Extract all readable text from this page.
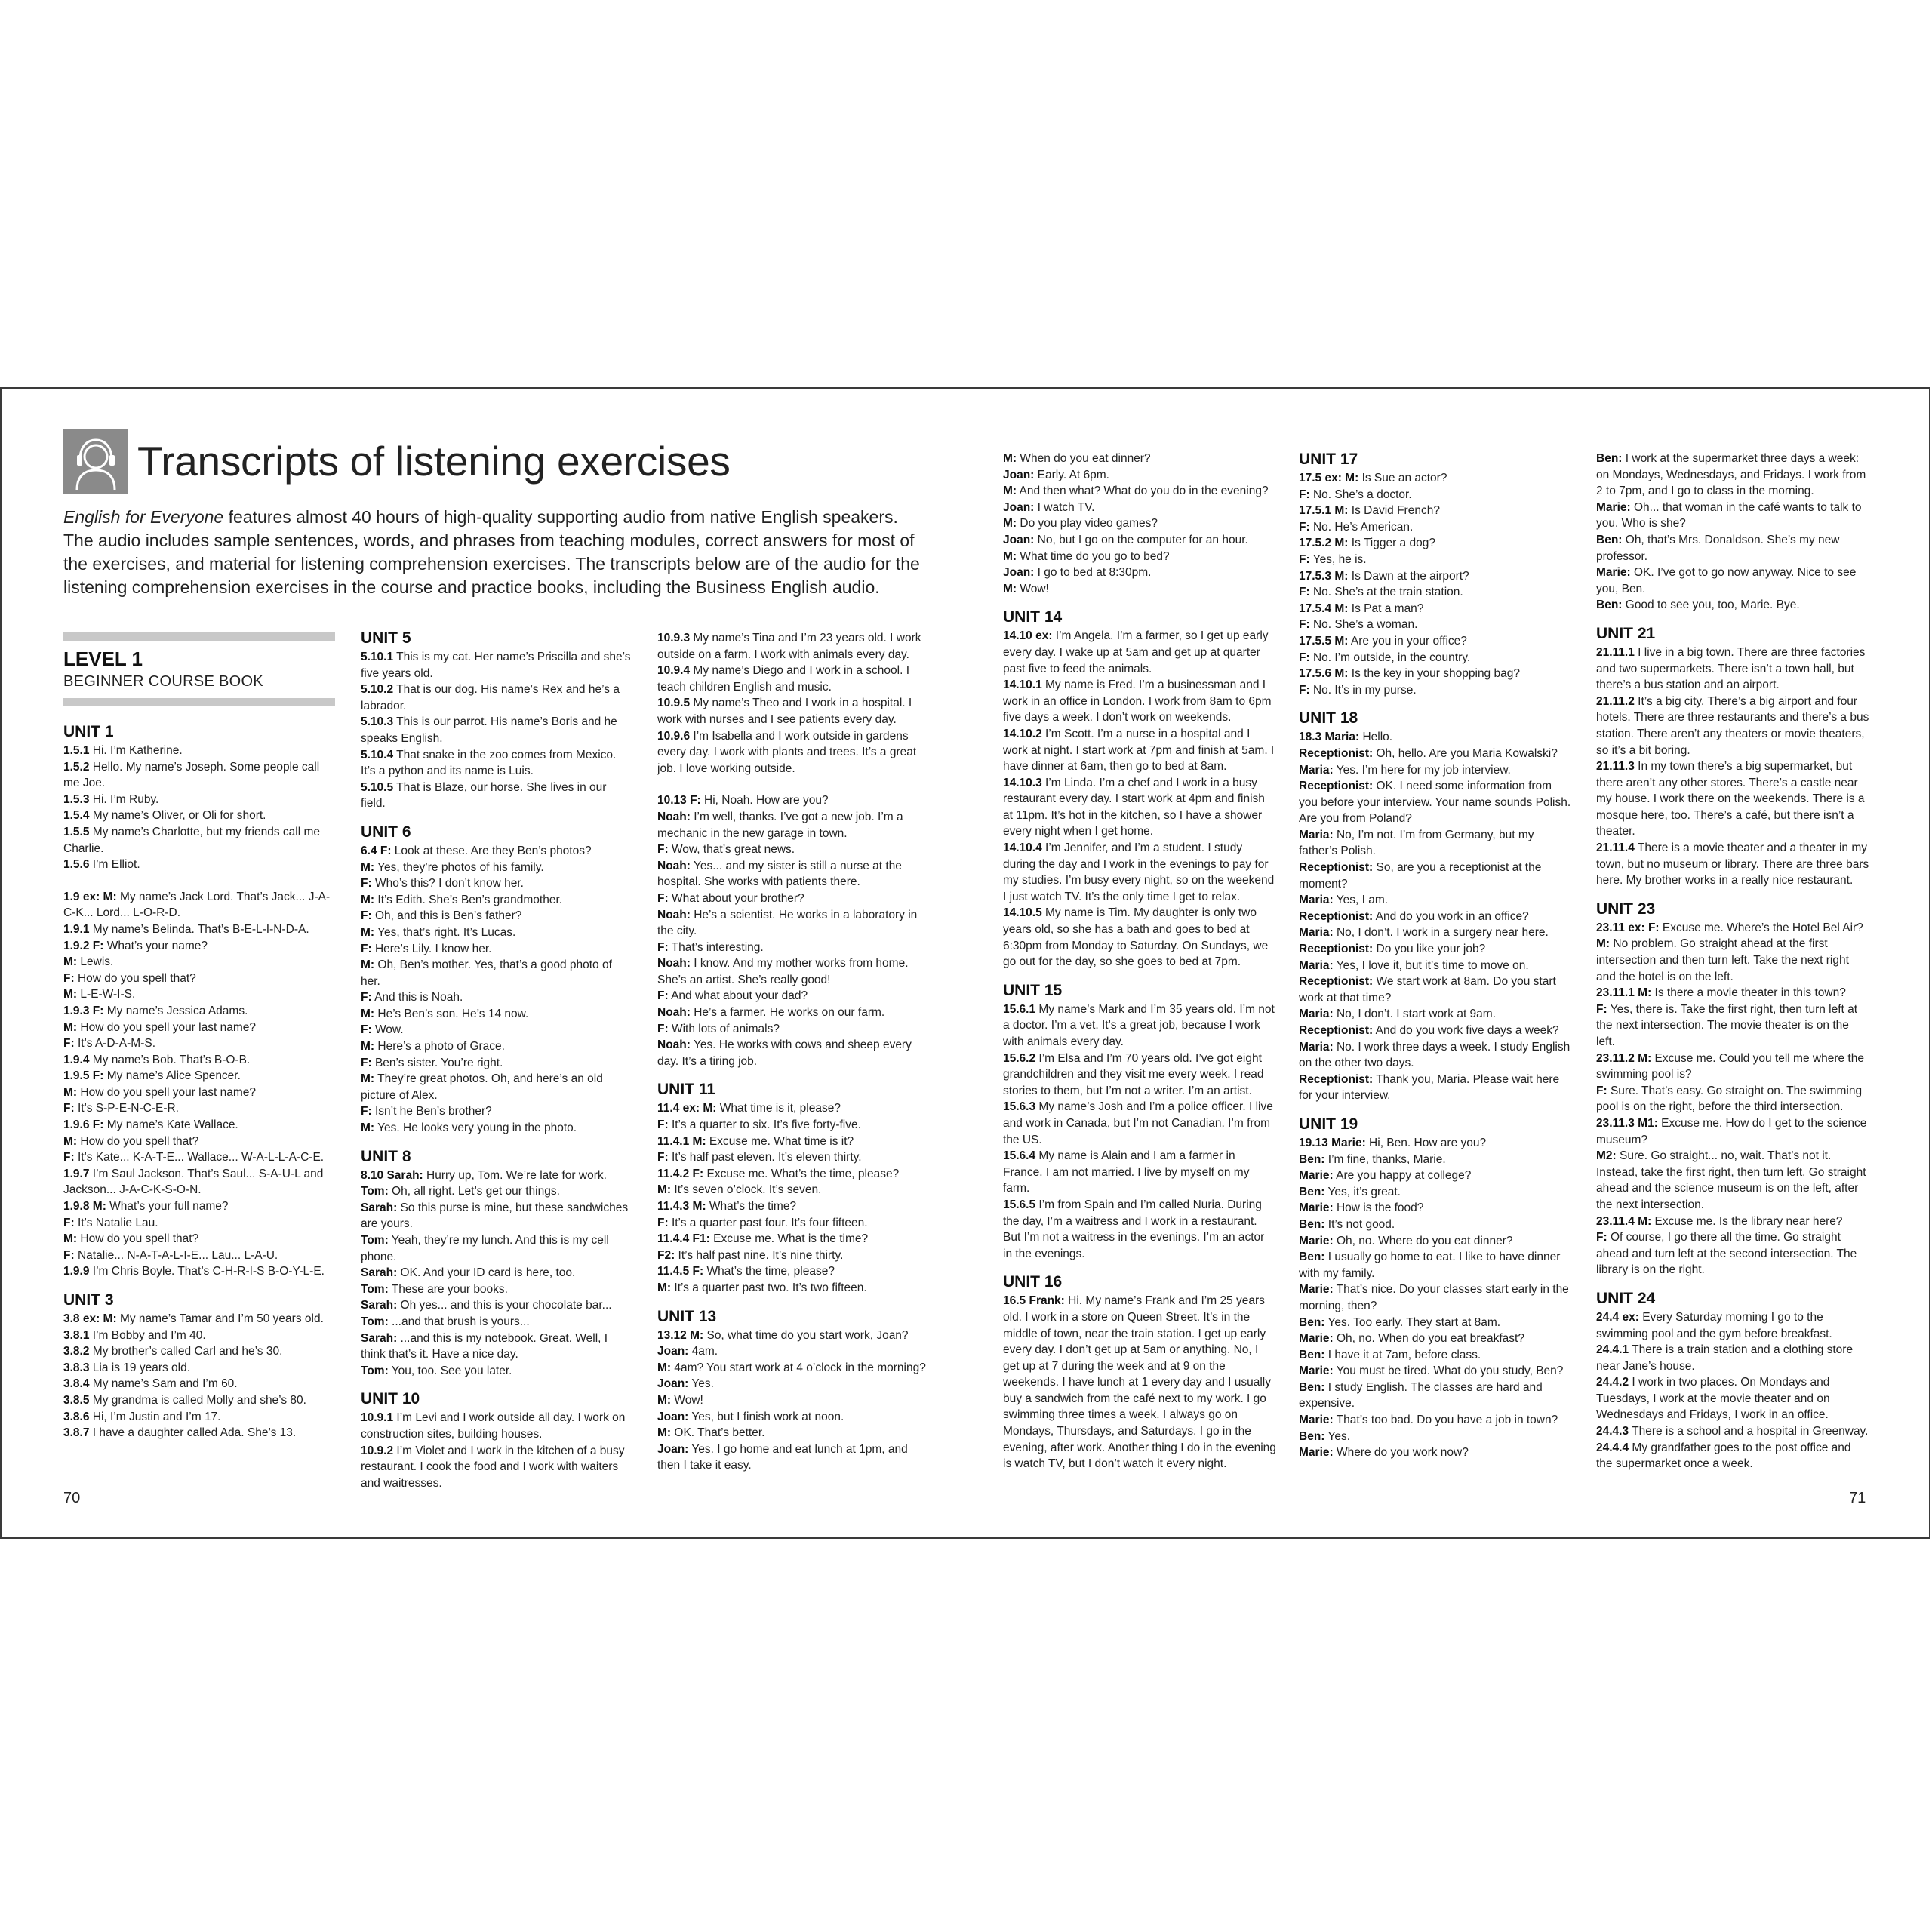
Transcripts of listening exercises

English for Everyone features almost 40 hours of high-quality supporting audio from native English speakers. The audio includes sample sentences, words, and phrases from teaching modules, correct answers for most of the exercises, and material for listening comprehension exercises. The transcripts below are of the audio for the listening comprehension exercises in the course and practice books, including the Business English audio.

LEVEL 1
BEGINNER COURSE BOOK
UNIT 1

1.5.1 Hi. I’m Katherine.

1.5.2 Hello. My name’s Joseph. Some people call me Joe.

1.5.3 Hi. I’m Ruby.

1.5.4 My name’s Oliver, or Oli for short.

1.5.5 My name’s Charlotte, but my friends call me Charlie.

1.5.6 I’m Elliot.

1.9 ex: M: My name’s Jack Lord. That’s Jack... J-A-C-K... Lord... L-O-R-D.

1.9.1 My name’s Belinda. That’s B-E-L-I-N-D-A.

1.9.2 F: What’s your name?

M: Lewis.

F: How do you spell that?

M: L-E-W-I-S.

1.9.3 F: My name’s Jessica Adams.

M: How do you spell your last name?

F: It’s A-D-A-M-S.

1.9.4 My name’s Bob. That’s B-O-B.

1.9.5 F: My name’s Alice Spencer.

M: How do you spell your last name?

F: It’s S-P-E-N-C-E-R.

1.9.6 F: My name’s Kate Wallace.

M: How do you spell that?

F: It’s Kate... K-A-T-E... Wallace... W-A-L-L-A-C-E.

1.9.7 I’m Saul Jackson. That’s Saul... S-A-U-L and Jackson... J-A-C-K-S-O-N.

1.9.8 M: What’s your full name?

F: It’s Natalie Lau.

M: How do you spell that?

F: Natalie... N-A-T-A-L-I-E... Lau... L-A-U.

1.9.9 I’m Chris Boyle. That’s C-H-R-I-S B-O-Y-L-E.

UNIT 3

3.8 ex: M: My name’s Tamar and I’m 50 years old.

3.8.1 I’m Bobby and I’m 40.

3.8.2 My brother’s called Carl and he’s 30.

3.8.3 Lia is 19 years old.

3.8.4 My name’s Sam and I’m 60.

3.8.5 My grandma is called Molly and she’s 80.

3.8.6 Hi, I’m Justin and I’m 17.

3.8.7 I have a daughter called Ada. She’s 13.

UNIT 5

5.10.1 This is my cat. Her name’s Priscilla and she’s five years old.

5.10.2 That is our dog. His name’s Rex and he’s a labrador.

5.10.3 This is our parrot. His name’s Boris and he speaks English.

5.10.4 That snake in the zoo comes from Mexico. It’s a python and its name is Luis.

5.10.5 That is Blaze, our horse. She lives in our field.

UNIT 6

6.4 F: Look at these. Are they Ben’s photos?

M: Yes, they’re photos of his family.

F: Who’s this? I don’t know her.

M: It’s Edith. She’s Ben’s grandmother.

F: Oh, and this is Ben’s father?

M: Yes, that’s right. It’s Lucas.

F: Here’s Lily. I know her.

M: Oh, Ben’s mother. Yes, that’s a good photo of her.

F: And this is Noah.

M: He’s Ben’s son. He’s 14 now.

F: Wow.

M: Here’s a photo of Grace.

F: Ben’s sister. You’re right.

M: They’re great photos. Oh, and here’s an old picture of Alex.

F: Isn’t he Ben’s brother?

M: Yes. He looks very young in the photo.

UNIT 8

8.10 Sarah: Hurry up, Tom. We’re late for work.

Tom: Oh, all right. Let’s get our things.

Sarah: So this purse is mine, but these sandwiches are yours.

Tom: Yeah, they’re my lunch. And this is my cell phone.

Sarah: OK. And your ID card is here, too.

Tom: These are your books.

Sarah: Oh yes... and this is your chocolate bar...

Tom: ...and that brush is yours...

Sarah: ...and this is my notebook. Great. Well, I think that’s it. Have a nice day.

Tom: You, too. See you later.

UNIT 10

10.9.1 I’m Levi and I work outside all day. I work on construction sites, building houses.

10.9.2 I’m Violet and I work in the kitchen of a busy restaurant. I cook the food and I work with waiters and waitresses.

10.9.3 My name’s Tina and I’m 23 years old. I work outside on a farm. I work with animals every day.

10.9.4 My name’s Diego and I work in a school. I teach children English and music.

10.9.5 My name’s Theo and I work in a hospital. I work with nurses and I see patients every day.

10.9.6 I’m Isabella and I work outside in gardens every day. I work with plants and trees. It’s a great job. I love working outside.

10.13 F: Hi, Noah. How are you?

Noah: I’m well, thanks. I’ve got a new job. I’m a mechanic in the new garage in town.

F: Wow, that’s great news.

Noah: Yes... and my sister is still a nurse at the hospital. She works with patients there.

F: What about your brother?

Noah: He’s a scientist. He works in a laboratory in the city.

F: That’s interesting.

Noah: I know. And my mother works from home. She’s an artist. She’s really good!

F: And what about your dad?

Noah: He’s a farmer. He works on our farm.

F: With lots of animals?

Noah: Yes. He works with cows and sheep every day. It’s a tiring job.

UNIT 11

11.4 ex: M: What time is it, please?

F: It’s a quarter to six. It’s five forty-five.

11.4.1 M: Excuse me. What time is it?

F: It’s half past eleven. It’s eleven thirty.

11.4.2 F: Excuse me. What’s the time, please?

M: It’s seven o’clock. It’s seven.

11.4.3 M: What’s the time?

F: It’s a quarter past four. It’s four fifteen.

11.4.4 F1: Excuse me. What is the time?

F2: It’s half past nine. It’s nine thirty.

11.4.5 F: What’s the time, please?

M: It’s a quarter past two. It’s two fifteen.

UNIT 13

13.12 M: So, what time do you start work, Joan?

Joan: 4am.

M: 4am? You start work at 4 o’clock in the morning?

Joan: Yes.

M: Wow!

Joan: Yes, but I finish work at noon.

M: OK. That’s better.

Joan: Yes. I go home and eat lunch at 1pm, and then I take it easy.

M: When do you eat dinner?

Joan: Early. At 6pm.

M: And then what? What do you do in the evening?

Joan: I watch TV.

M: Do you play video games?

Joan: No, but I go on the computer for an hour.

M: What time do you go to bed?

Joan: I go to bed at 8:30pm.

M: Wow!

UNIT 14

14.10 ex: I’m Angela. I’m a farmer, so I get up early every day. I wake up at 5am and get up at quarter past five to feed the animals.

14.10.1 My name is Fred. I’m a businessman and I work in an office in London. I work from 8am to 6pm five days a week. I don’t work on weekends.

14.10.2 I’m Scott. I’m a nurse in a hospital and I work at night. I start work at 7pm and finish at 5am. I have dinner at 6am, then go to bed at 8am.

14.10.3 I’m Linda. I’m a chef and I work in a busy restaurant every day. I start work at 4pm and finish at 11pm. It’s hot in the kitchen, so I have a shower every night when I get home.

14.10.4 I’m Jennifer, and I’m a student. I study during the day and I work in the evenings to pay for my studies. I’m busy every night, so on the weekend I just watch TV. It’s the only time I get to relax.

14.10.5 My name is Tim. My daughter is only two years old, so she has a bath and goes to bed at 6:30pm from Monday to Saturday. On Sundays, we go out for the day, so she goes to bed at 7pm.

UNIT 15

15.6.1 My name’s Mark and I’m 35 years old. I’m not a doctor. I’m a vet. It’s a great job, because I work with animals every day.

15.6.2 I’m Elsa and I’m 70 years old. I’ve got eight grandchildren and they visit me every week. I read stories to them, but I’m not a writer. I’m an artist.

15.6.3 My name’s Josh and I’m a police officer. I live and work in Canada, but I’m not Canadian. I’m from the US.

15.6.4 My name is Alain and I am a farmer in France. I am not married. I live by myself on my farm.

15.6.5 I’m from Spain and I’m called Nuria. During the day, I’m a waitress and I work in a restaurant. But I’m not a waitress in the evenings. I’m an actor in the evenings.

UNIT 16

16.5 Frank: Hi. My name’s Frank and I’m 25 years old. I work in a store on Queen Street. It’s in the middle of town, near the train station. I get up early every day. I don’t get up at 5am or anything. No, I get up at 7 during the week and at 9 on the weekends. I have lunch at 1 every day and I usually buy a sandwich from the café next to my work. I go swimming three times a week. I always go on Mondays, Thursdays, and Saturdays. I go in the evening, after work. Another thing I do in the evening is watch TV, but I don’t watch it every night.

UNIT 17

17.5 ex: M: Is Sue an actor?

F: No. She’s a doctor.

17.5.1 M: Is David French?

F: No. He’s American.

17.5.2 M: Is Tigger a dog?

F: Yes, he is.

17.5.3 M: Is Dawn at the airport?

F: No. She’s at the train station.

17.5.4 M: Is Pat a man?

F: No. She’s a woman.

17.5.5 M: Are you in your office?

F: No. I’m outside, in the country.

17.5.6 M: Is the key in your shopping bag?

F: No. It’s in my purse.

UNIT 18

18.3 Maria: Hello.

Receptionist: Oh, hello. Are you Maria Kowalski?

Maria: Yes. I’m here for my job interview.

Receptionist: OK. I need some information from you before your interview. Your name sounds Polish. Are you from Poland?

Maria: No, I’m not. I’m from Germany, but my father’s Polish.

Receptionist: So, are you a receptionist at the moment?

Maria: Yes, I am.

Receptionist: And do you work in an office?

Maria: No, I don’t. I work in a surgery near here.

Receptionist: Do you like your job?

Maria: Yes, I love it, but it’s time to move on.

Receptionist: We start work at 8am. Do you start work at that time?

Maria: No, I don’t. I start work at 9am.

Receptionist: And do you work five days a week?

Maria: No. I work three days a week. I study English on the other two days.

Receptionist: Thank you, Maria. Please wait here for your interview.

UNIT 19

19.13 Marie: Hi, Ben. How are you?

Ben: I’m fine, thanks, Marie.

Marie: Are you happy at college?

Ben: Yes, it’s great.

Marie: How is the food?

Ben: It’s not good.

Marie: Oh, no. Where do you eat dinner?

Ben: I usually go home to eat. I like to have dinner with my family.

Marie: That’s nice. Do your classes start early in the morning, then?

Ben: Yes. Too early. They start at 8am.

Marie: Oh, no. When do you eat breakfast?

Ben: I have it at 7am, before class.

Marie: You must be tired. What do you study, Ben?

Ben: I study English. The classes are hard and expensive.

Marie: That’s too bad. Do you have a job in town?

Ben: Yes.

Marie: Where do you work now?

Ben: I work at the supermarket three days a week: on Mondays, Wednesdays, and Fridays. I work from 2 to 7pm, and I go to class in the morning.

Marie: Oh... that woman in the café wants to talk to you. Who is she?

Ben: Oh, that’s Mrs. Donaldson. She’s my new professor.

Marie: OK. I’ve got to go now anyway. Nice to see you, Ben.

Ben: Good to see you, too, Marie. Bye.

UNIT 21

21.11.1 I live in a big town. There are three factories and two supermarkets. There isn’t a town hall, but there’s a bus station and an airport.

21.11.2 It’s a big city. There’s a big airport and four hotels. There are three restaurants and there’s a bus station. There aren’t any theaters or movie theaters, so it’s a bit boring.

21.11.3 In my town there’s a big supermarket, but there aren’t any other stores. There’s a castle near my house. I work there on the weekends. There is a mosque here, too. There’s a café, but there isn’t a theater.

21.11.4 There is a movie theater and a theater in my town, but no museum or library. There are three bars here. My brother works in a really nice restaurant.

UNIT 23

23.11 ex: F: Excuse me. Where’s the Hotel Bel Air?

M: No problem. Go straight ahead at the first intersection and then turn left. Take the next right and the hotel is on the left.

23.11.1 M: Is there a movie theater in this town?

F: Yes, there is. Take the first right, then turn left at the next intersection. The movie theater is on the left.

23.11.2 M: Excuse me. Could you tell me where the swimming pool is?

F: Sure. That’s easy. Go straight on. The swimming pool is on the right, before the third intersection.

23.11.3 M1: Excuse me. How do I get to the science museum?

M2: Sure. Go straight... no, wait. That’s not it. Instead, take the first right, then turn left. Go straight ahead and the science museum is on the left, after the next intersection.

23.11.4 M: Excuse me. Is the library near here?

F: Of course, I go there all the time. Go straight ahead and turn left at the second intersection. The library is on the right.

UNIT 24

24.4 ex: Every Saturday morning I go to the swimming pool and the gym before breakfast.

24.4.1 There is a train station and a clothing store near Jane’s house.

24.4.2 I work in two places. On Mondays and Tuesdays, I work at the movie theater and on Wednesdays and Fridays, I work in an office.

24.4.3 There is a school and a hospital in Greenway.

24.4.4 My grandfather goes to the post office and the supermarket once a week.

70	71
